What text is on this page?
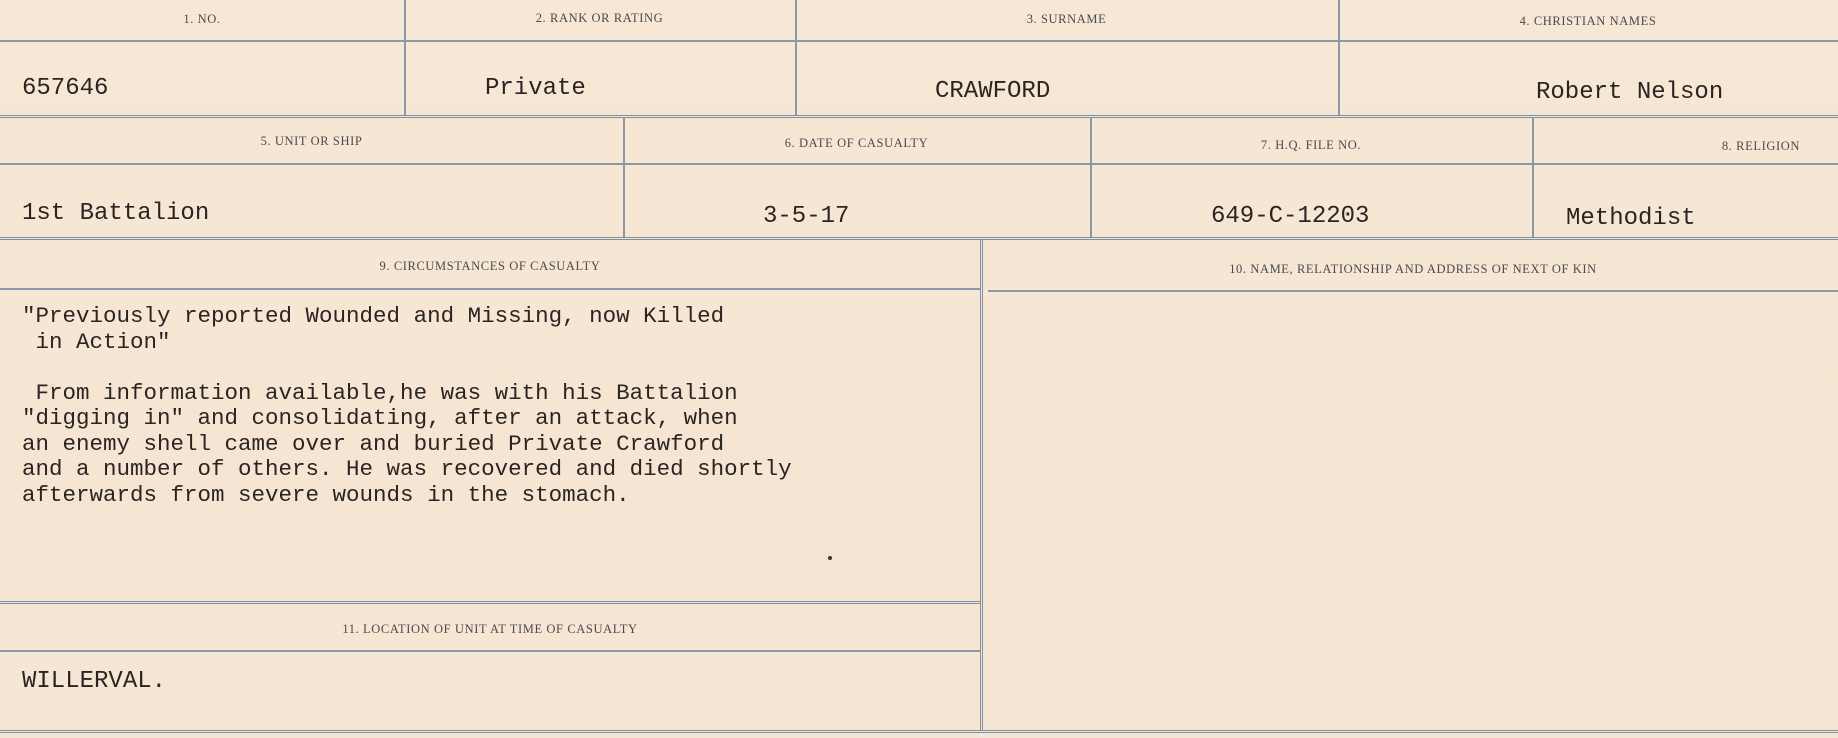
1. NO.	2. RANK OR RATING	3. SURNAME	4. CHRISTIAN NAMES
657646	Private	CRAWFORD	Robert Nelson
5. UNIT OR SHIP	6. DATE OF CASUALTY	7. H.Q. FILE NO.	8. RELIGION
1st Battalion	3-5-17	649-C-12203	Methodist
9. CIRCUMSTANCES OF CASUALTY
"Previously reported Wounded and Missing, now Killed
in Action"

From information available,he was with his Battalion
"digging in" and consolidating, after an attack, when
an enemy shell came over and buried Private Crawford
and a number of others. He was recovered and died shortly
afterwards from severe wounds in the stomach.
10. NAME, RELATIONSHIP AND ADDRESS OF NEXT OF KIN
11. LOCATION OF UNIT AT TIME OF CASUALTY
WILLERVAL.
